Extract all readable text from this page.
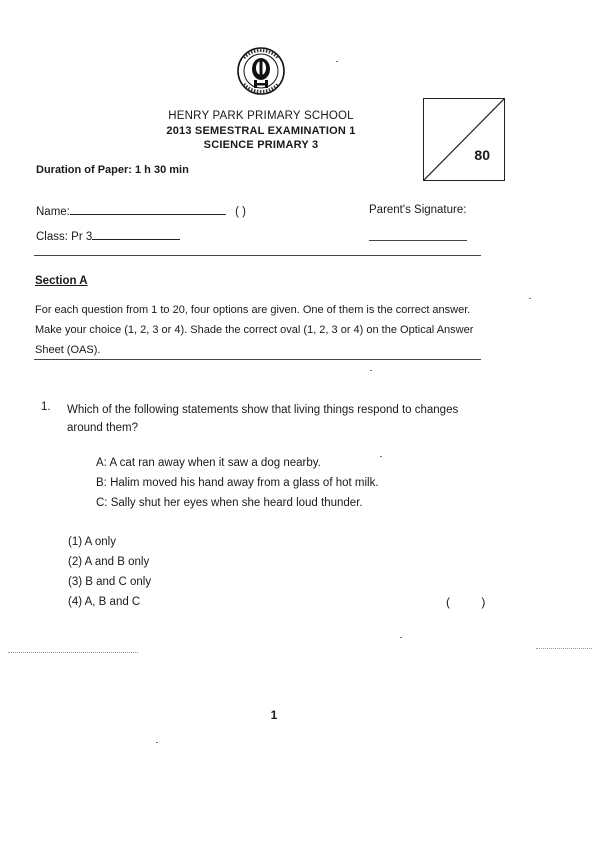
HENRY PARK PRIMARY SCHOOL
2013 SEMESTRAL EXAMINATION 1
SCIENCE PRIMARY 3
80
Duration of Paper: 1 h 30 min
Name:	( )	Parent's Signature:
Class: Pr 3
Section A
For each question from 1 to 20, four options are given. One of them is the correct answer. Make your choice (1, 2, 3 or 4). Shade the correct oval (1, 2, 3 or 4) on the Optical Answer Sheet (OAS).
1. Which of the following statements show that living things respond to changes around them?
A: A cat ran away when it saw a dog nearby.
B: Halim moved his hand away from a glass of hot milk.
C: Sally shut her eyes when she heard loud thunder.
(1) A only
(2) A and B only
(3) B and C only
(4) A, B and C	( )
1
